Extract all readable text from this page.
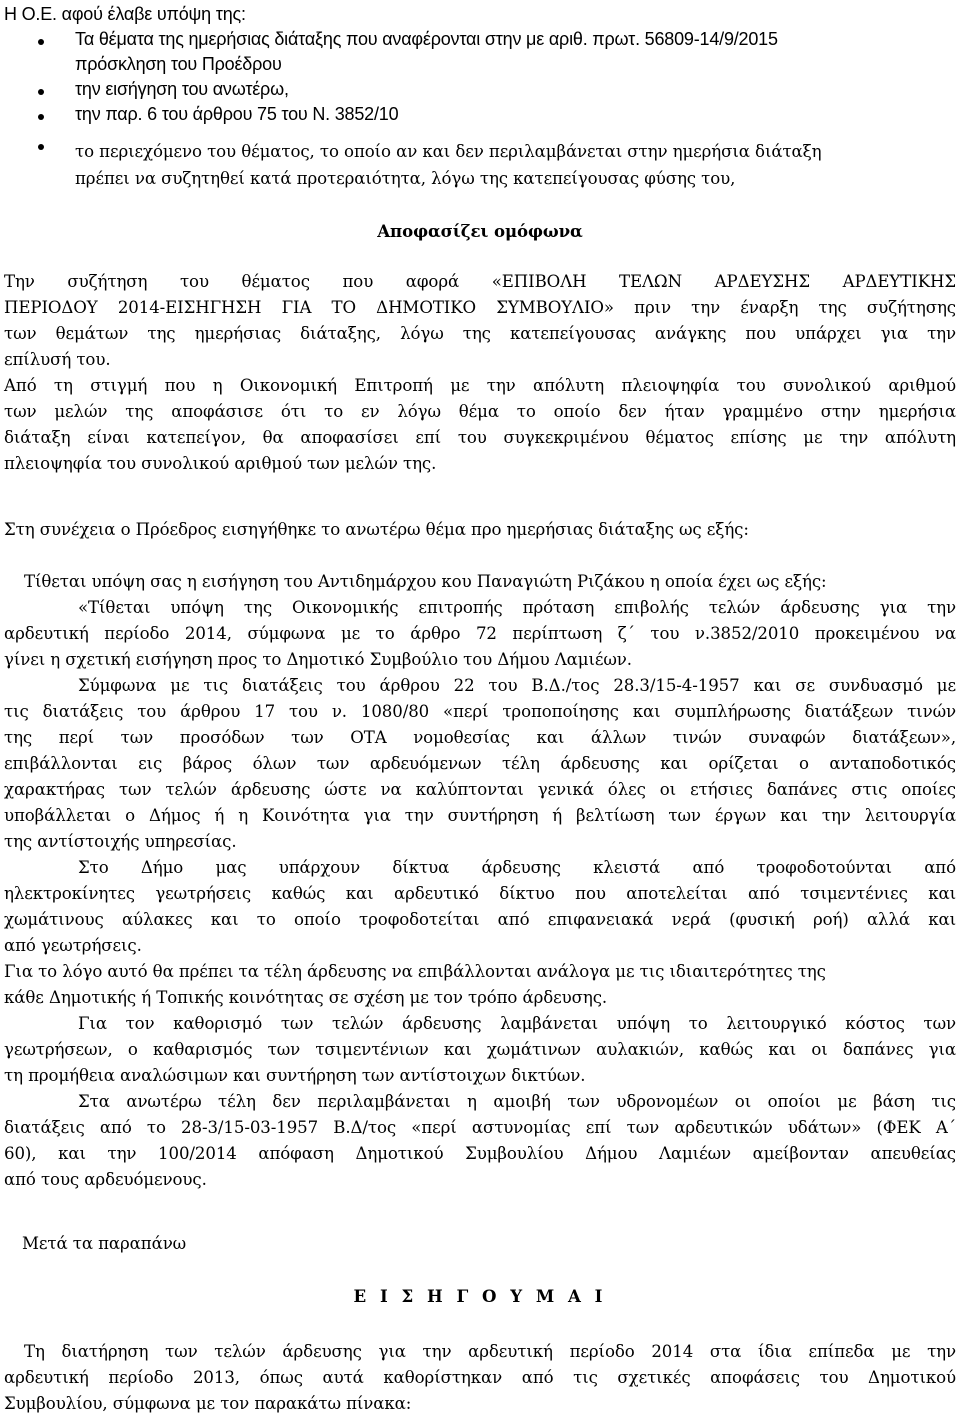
Η Ο.Ε. αφού έλαβε υπόψη της:
Τα θέματα της ημερήσιας διάταξης που αναφέρονται στην με αριθ. πρωτ. 56809-14/9/2015
πρόσκληση του Προέδρου
την εισήγηση του ανωτέρω,
την παρ. 6 του άρθρου 75 του Ν. 3852/10
το περιεχόμενο του θέματος, το οποίο αν και δεν περιλαμβάνεται στην ημερήσια διάταξη
πρέπει να συζητηθεί κατά προτεραιότητα, λόγω της κατεπείγουσας φύσης του,
Αποφασίζει ομόφωνα
Την συζήτηση του θέματος που αφορά «ΕΠΙΒΟΛΗ ΤΕΛΩΝ ΑΡΔΕΥΣΗΣ ΑΡΔΕΥΤΙΚΗΣ
ΠΕΡΙΟΔΟΥ 2014-ΕΙΣΗΓΗΣΗ ΓΙΑ ΤΟ ΔΗΜΟΤΙΚΟ ΣΥΜΒΟΥΛΙΟ» πριν την έναρξη της συζήτησης
των θεμάτων της ημερήσιας διάταξης, λόγω της κατεπείγουσας ανάγκης που υπάρχει για την
επίλυσή του.
Από τη στιγμή που η Οικονομική Επιτροπή με την απόλυτη πλειοψηφία του συνολικού αριθμού
των μελών της αποφάσισε ότι το εν λόγω θέμα το οποίο δεν ήταν γραμμένο στην ημερήσια
διάταξη είναι κατεπείγον, θα αποφασίσει επί του συγκεκριμένου θέματος επίσης με την απόλυτη
πλειοψηφία του συνολικού αριθμού των μελών της.
Στη συνέχεια ο Πρόεδρος εισηγήθηκε το ανωτέρω θέμα προ ημερήσιας διάταξης ως εξής:
Τίθεται υπόψη σας η εισήγηση του Αντιδημάρχου κου Παναγιώτη Ριζάκου η οποία έχει ως εξής:
«Τίθεται υπόψη της Οικονομικής επιτροπής πρόταση επιβολής τελών άρδευσης για την
αρδευτική περίοδο 2014, σύμφωνα με το άρθρο 72 περίπτωση ζ΄ του ν.3852/2010 προκειμένου να
γίνει η σχετική εισήγηση προς το Δημοτικό Συμβούλιο του Δήμου Λαμιέων.
Σύμφωνα με τις διατάξεις του άρθρου 22 του Β.Δ./τος 28.3/15-4-1957 και σε συνδυασμό με
τις διατάξεις του άρθρου 17 του ν. 1080/80 «περί τροποποίησης και συμπλήρωσης διατάξεων τινών
της περί των προσόδων των ΟΤΑ νομοθεσίας και άλλων τινών συναφών διατάξεων»,
επιβάλλονται εις βάρος όλων των αρδευόμενων τέλη άρδευσης και ορίζεται ο ανταποδοτικός
χαρακτήρας των τελών άρδευσης ώστε να καλύπτονται γενικά όλες οι ετήσιες δαπάνες στις οποίες
υποβάλλεται ο Δήμος ή η Κοινότητα για την συντήρηση ή βελτίωση των έργων και την λειτουργία
της αντίστοιχής υπηρεσίας.
Στο Δήμο μας υπάρχουν δίκτυα άρδευσης κλειστά από τροφοδοτούνται από
ηλεκτροκίνητες γεωτρήσεις καθώς και αρδευτικό δίκτυο που αποτελείται από τσιμεντένιες και
χωμάτινους αύλακες και το οποίο τροφοδοτείται από επιφανειακά νερά (φυσική ροή) αλλά και
από γεωτρήσεις.
Για το λόγο αυτό θα πρέπει τα τέλη άρδευσης να επιβάλλονται ανάλογα με τις ιδιαιτερότητες της
κάθε Δημοτικής ή Τοπικής κοινότητας σε σχέση με τον τρόπο άρδευσης.
Για τον καθορισμό των τελών άρδευσης λαμβάνεται υπόψη το λειτουργικό κόστος των
γεωτρήσεων, ο καθαρισμός των τσιμεντένιων και χωμάτινων αυλακιών, καθώς και οι δαπάνες για
τη προμήθεια αναλώσιμων και συντήρηση των αντίστοιχων δικτύων.
Στα ανωτέρω τέλη δεν περιλαμβάνεται η αμοιβή των υδρονομέων οι οποίοι με βάση τις
διατάξεις από το 28-3/15-03-1957 Β.Δ/τος «περί αστυνομίας επί των αρδευτικών υδάτων» (ΦΕΚ Α΄
60), και την 100/2014 απόφαση Δημοτικού Συμβουλίου Δήμου Λαμιέων αμείβονταν απευθείας
από τους αρδευόμενους.
Μετά τα παραπάνω
Ε Ι Σ Η Γ Ο Υ Μ Α Ι
Τη διατήρηση των τελών άρδευσης για την αρδευτική περίοδο 2014 στα ίδια επίπεδα με την
αρδευτική περίοδο 2013, όπως αυτά καθορίστηκαν από τις σχετικές αποφάσεις του Δημοτικού
Συμβουλίου, σύμφωνα με τον παρακάτω πίνακα:
